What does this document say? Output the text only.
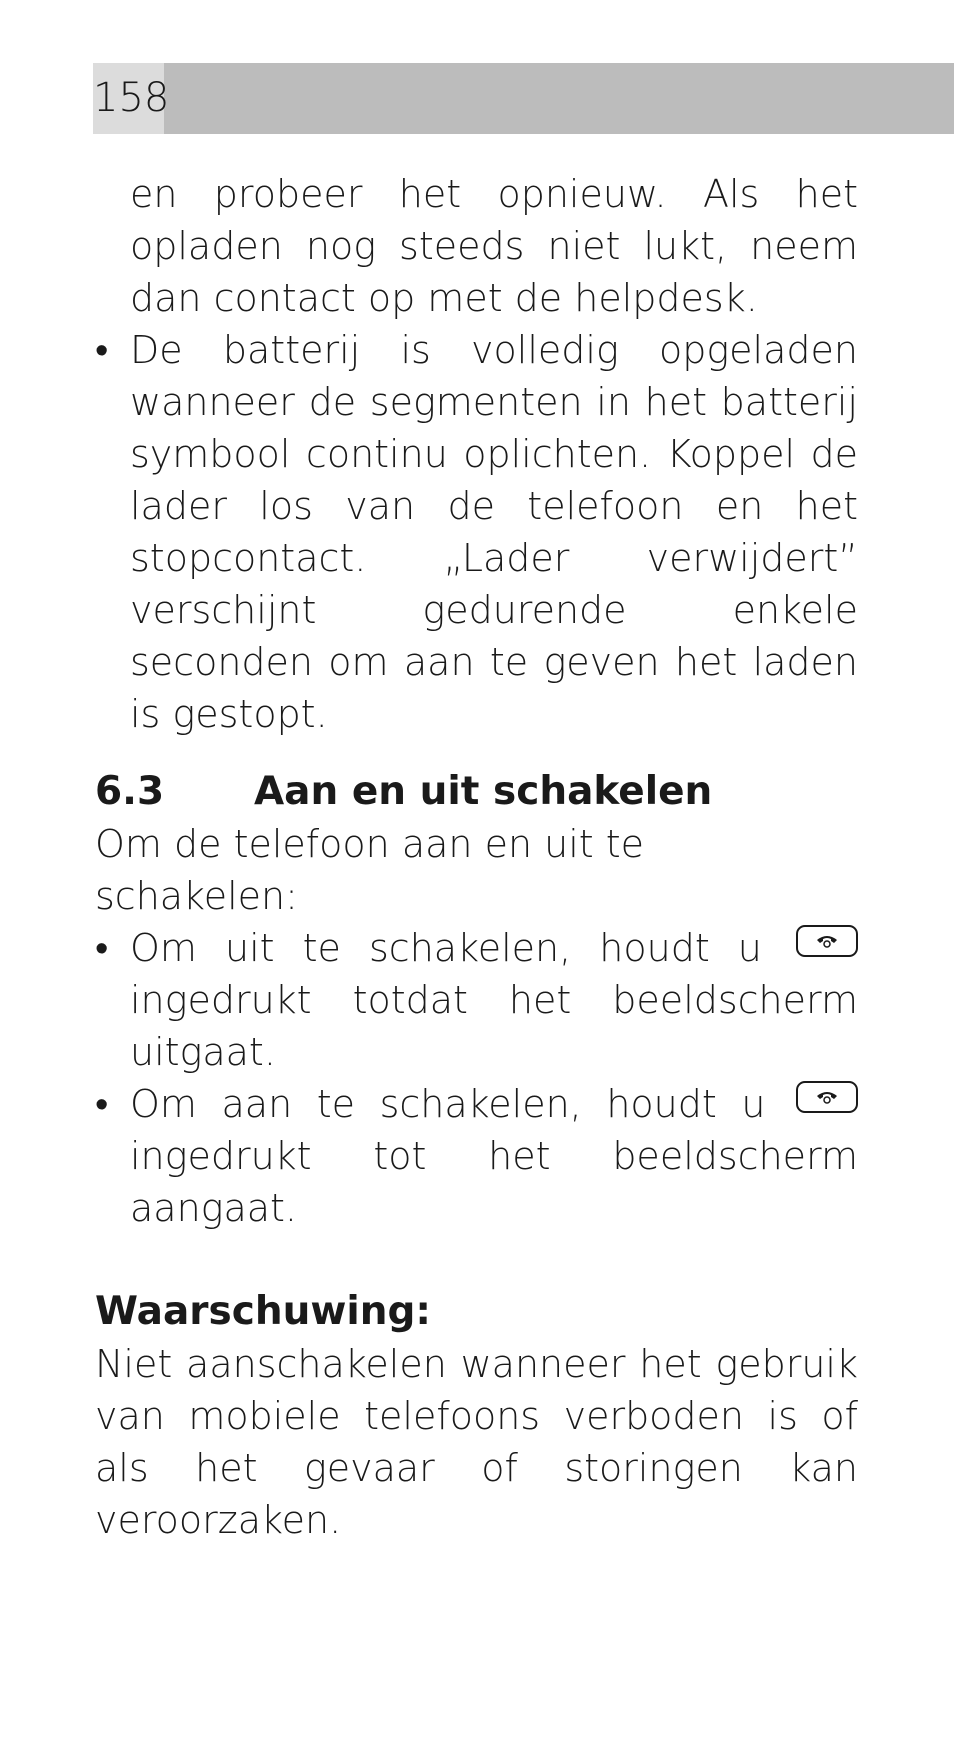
158

en probeer het opnieuw. Als het opladen nog steeds niet lukt, neem dan contact op met de helpdesk.

• De batterij is volledig opgeladen wanneer de segmenten in het batterij symbool continu oplichten. Koppel de lader los van de telefoon en het stopcontact. „Lader verwijdert” verschijnt gedurende enkele seconden om aan te geven het laden is gestopt.

6.3	Aan en uit schakelen

Om de telefoon aan en uit te schakelen:

• Om uit te schakelen, houdt u
ingedrukt totdat het beeldscherm uitgaat.

• Om aan te schakelen, houdt u
ingedrukt tot het beeldscherm aangaat.

Waarschuwing:

Niet aanschakelen wanneer het gebruik van mobiele telefoons verboden is of als het gevaar of storingen kan veroorzaken.
